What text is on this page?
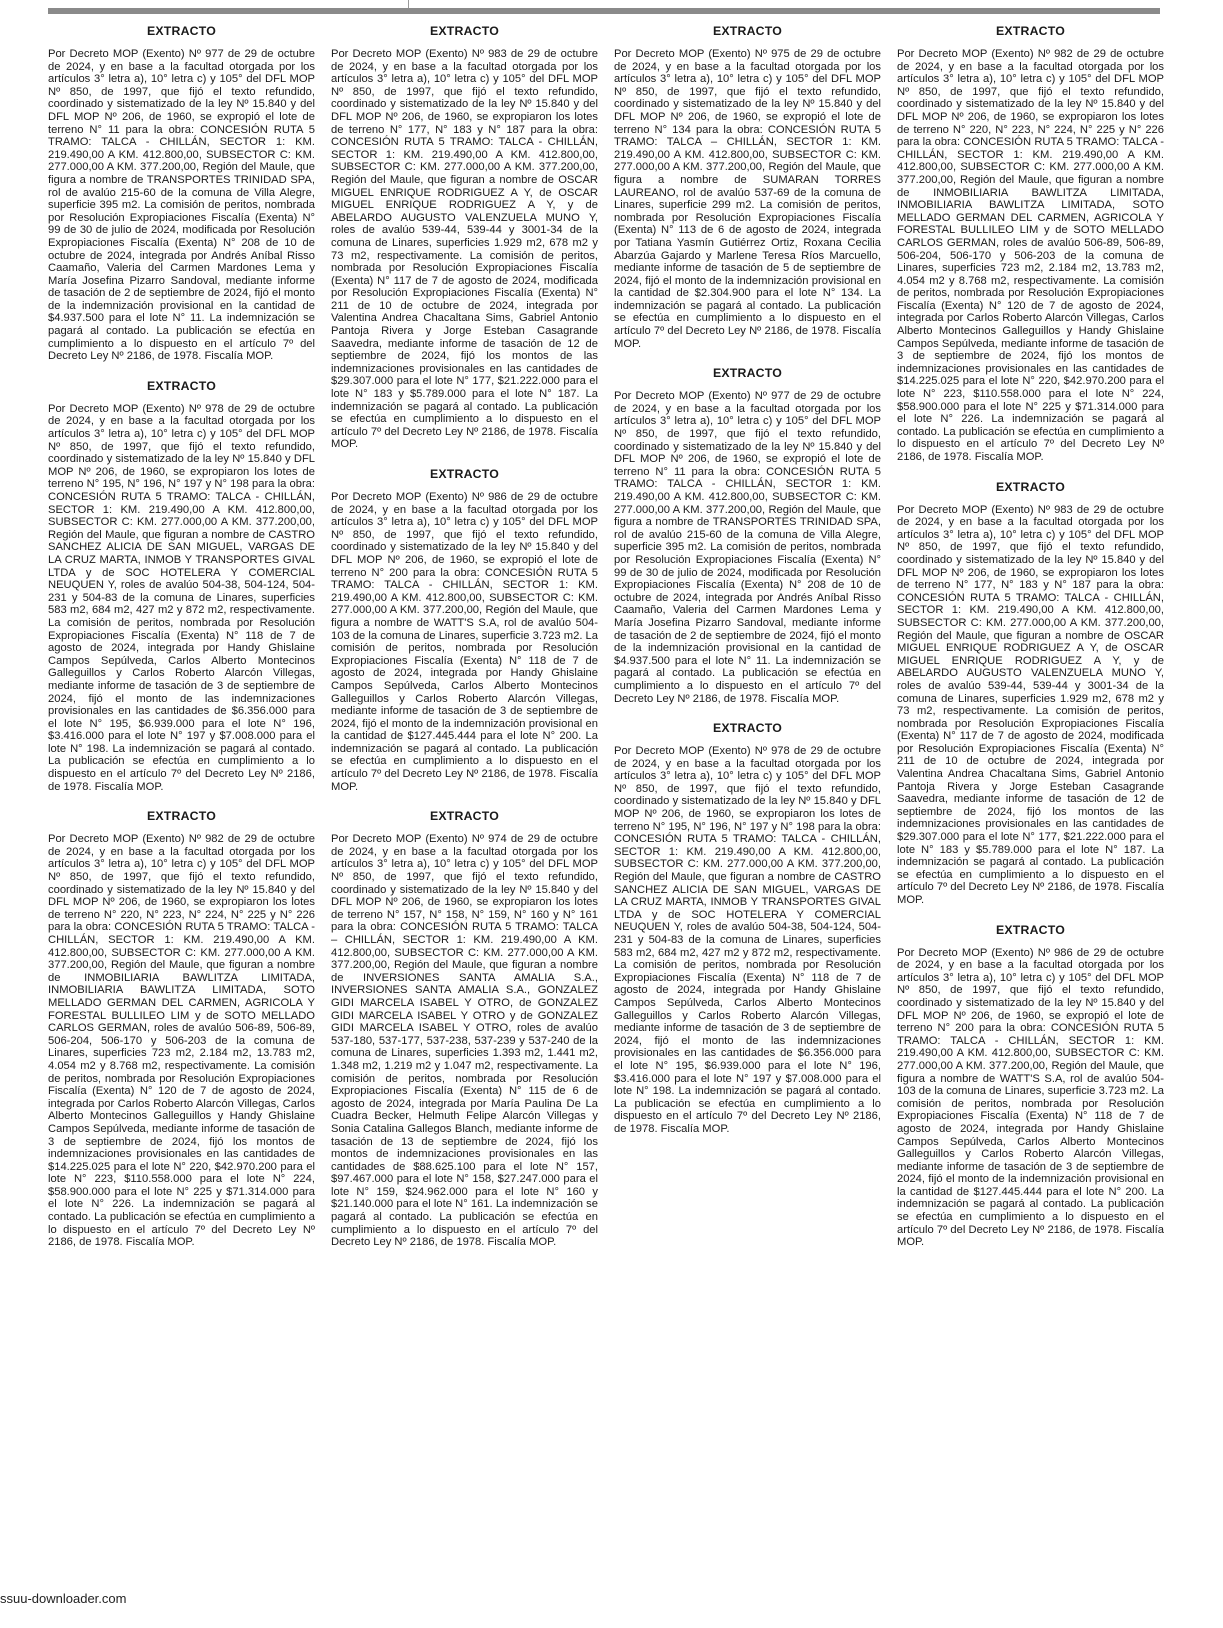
EXTRACTO

Por Decreto MOP (Exento) Nº 977 de 29 de octubre de 2024, y en base a la facultad otorgada por los artículos 3° letra a), 10° letra c) y 105° del DFL MOP Nº 850, de 1997, que fijó el texto refundido, coordinado y sistematizado de la ley Nº 15.840 y del DFL MOP Nº 206, de 1960, se expropió el lote de terreno N° 11 para la obra: CONCESIÓN RUTA 5 TRAMO: TALCA - CHILLÁN, SECTOR 1: KM. 219.490,00 A KM. 412.800,00, SUBSECTOR C: KM. 277.000,00 A KM. 377.200,00, Región del Maule, que figura a nombre de TRANSPORTES TRINIDAD SPA, rol de avalúo 215-60 de la comuna de Villa Alegre, superficie 395 m2. La comisión de peritos, nombrada por Resolución Expropiaciones Fiscalía (Exenta) N° 99 de 30 de julio de 2024, modificada por Resolución Expropiaciones Fiscalía (Exenta) N° 208 de 10 de octubre de 2024, integrada por Andrés Aníbal Risso Caamaño, Valeria del Carmen Mardones Lema y María Josefina Pizarro Sandoval, mediante informe de tasación de 2 de septiembre de 2024, fijó el monto de la indemnización provisional en la cantidad de $4.937.500 para el lote N° 11. La indemnización se pagará al contado. La publicación se efectúa en cumplimiento a lo dispuesto en el artículo 7º del Decreto Ley Nº 2186, de 1978. Fiscalía MOP.

EXTRACTO

Por Decreto MOP (Exento) Nº 978 de 29 de octubre de 2024, y en base a la facultad otorgada por los artículos 3° letra a), 10° letra c) y 105° del DFL MOP Nº 850, de 1997, que fijó el texto refundido, coordinado y sistematizado de la ley Nº 15.840 y DFL MOP Nº 206, de 1960, se expropiaron los lotes de terreno N° 195, N° 196, N° 197 y N° 198 para la obra: CONCESIÓN RUTA 5 TRAMO: TALCA - CHILLÁN, SECTOR 1: KM. 219.490,00 A KM. 412.800,00, SUBSECTOR C: KM. 277.000,00 A KM. 377.200,00, Región del Maule, que figuran a nombre de CASTRO SANCHEZ ALICIA DE SAN MIGUEL, VARGAS DE LA CRUZ MARTA, INMOB Y TRANSPORTES GIVAL LTDA y de SOC HOTELERA Y COMERCIAL NEUQUEN Y, roles de avalúo 504-38, 504-124, 504-231 y 504-83 de la comuna de Linares, superficies 583 m2, 684 m2, 427 m2 y 872 m2, respectivamente. La comisión de peritos, nombrada por Resolución Expropiaciones Fiscalía (Exenta) N° 118 de 7 de agosto de 2024, integrada por Handy Ghislaine Campos Sepúlveda, Carlos Alberto Montecinos Galleguillos y Carlos Roberto Alarcón Villegas, mediante informe de tasación de 3 de septiembre de 2024, fijó el monto de las indemnizaciones provisionales en las cantidades de $6.356.000 para el lote N° 195, $6.939.000 para el lote N° 196, $3.416.000 para el lote N° 197 y $7.008.000 para el lote N° 198. La indemnización se pagará al contado. La publicación se efectúa en cumplimiento a lo dispuesto en el artículo 7º del Decreto Ley Nº 2186, de 1978. Fiscalía MOP.

EXTRACTO

Por Decreto MOP (Exento) Nº 982 de 29 de octubre de 2024, y en base a la facultad otorgada por los artículos 3° letra a), 10° letra c) y 105° del DFL MOP Nº 850, de 1997, que fijó el texto refundido, coordinado y sistematizado de la ley Nº 15.840 y del DFL MOP Nº 206, de 1960, se expropiaron los lotes de terreno N° 220, N° 223, N° 224, N° 225 y N° 226 para la obra: CONCESIÓN RUTA 5 TRAMO: TALCA - CHILLÁN, SECTOR 1: KM. 219.490,00 A KM. 412.800,00, SUBSECTOR C: KM. 277.000,00 A KM. 377.200,00, Región del Maule, que figuran a nombre de INMOBILIARIA BAWLITZA LIMITADA, INMOBILIARIA BAWLITZA LIMITADA, SOTO MELLADO GERMAN DEL CARMEN, AGRICOLA Y FORESTAL BULLILEO LIM y de SOTO MELLADO CARLOS GERMAN, roles de avalúo 506-89, 506-89, 506-204, 506-170 y 506-203 de la comuna de Linares, superficies 723 m2, 2.184 m2, 13.783 m2, 4.054 m2 y 8.768 m2, respectivamente. La comisión de peritos, nombrada por Resolución Expropiaciones Fiscalía (Exenta) N° 120 de 7 de agosto de 2024, integrada por Carlos Roberto Alarcón Villegas, Carlos Alberto Montecinos Galleguillos y Handy Ghislaine Campos Sepúlveda, mediante informe de tasación de 3 de septiembre de 2024, fijó los montos de indemnizaciones provisionales en las cantidades de $14.225.025 para el lote N° 220, $42.970.200 para el lote N° 223, $110.558.000 para el lote N° 224, $58.900.000 para el lote N° 225 y $71.314.000 para el lote N° 226. La indemnización se pagará al contado. La publicación se efectúa en cumplimiento a lo dispuesto en el artículo 7º del Decreto Ley Nº 2186, de 1978. Fiscalía MOP.

EXTRACTO

Por Decreto MOP (Exento) Nº 983 de 29 de octubre de 2024, y en base a la facultad otorgada por los artículos 3° letra a), 10° letra c) y 105° del DFL MOP Nº 850, de 1997, que fijó el texto refundido, coordinado y sistematizado de la ley Nº 15.840 y del DFL MOP Nº 206, de 1960, se expropiaron los lotes de terreno N° 177, N° 183 y N° 187 para la obra: CONCESIÓN RUTA 5 TRAMO: TALCA - CHILLÁN, SECTOR 1: KM. 219.490,00 A KM. 412.800,00, SUBSECTOR C: KM. 277.000,00 A KM. 377.200,00, Región del Maule, que figuran a nombre de OSCAR MIGUEL ENRIQUE RODRIGUEZ A Y, de OSCAR MIGUEL ENRIQUE RODRIGUEZ A Y, y de ABELARDO AUGUSTO VALENZUELA MUNO Y, roles de avalúo 539-44, 539-44 y 3001-34 de la comuna de Linares, superficies 1.929 m2, 678 m2 y 73 m2, respectivamente. La comisión de peritos, nombrada por Resolución Expropiaciones Fiscalía (Exenta) N° 117 de 7 de agosto de 2024, modificada por Resolución Expropiaciones Fiscalía (Exenta) N° 211 de 10 de octubre de 2024, integrada por Valentina Andrea Chacaltana Sims, Gabriel Antonio Pantoja Rivera y Jorge Esteban Casagrande Saavedra, mediante informe de tasación de 12 de septiembre de 2024, fijó los montos de las indemnizaciones provisionales en las cantidades de $29.307.000 para el lote N° 177, $21.222.000 para el lote N° 183 y $5.789.000 para el lote N° 187. La indemnización se pagará al contado. La publicación se efectúa en cumplimiento a lo dispuesto en el artículo 7º del Decreto Ley Nº 2186, de 1978. Fiscalía MOP.

EXTRACTO

Por Decreto MOP (Exento) Nº 986 de 29 de octubre de 2024, y en base a la facultad otorgada por los artículos 3° letra a), 10° letra c) y 105° del DFL MOP Nº 850, de 1997, que fijó el texto refundido, coordinado y sistematizado de la ley Nº 15.840 y del DFL MOP Nº 206, de 1960, se expropió el lote de terreno N° 200 para la obra: CONCESIÓN RUTA 5 TRAMO: TALCA - CHILLÁN, SECTOR 1: KM. 219.490,00 A KM. 412.800,00, SUBSECTOR C: KM. 277.000,00 A KM. 377.200,00, Región del Maule, que figura a nombre de WATT'S S.A, rol de avalúo 504-103 de la comuna de Linares, superficie 3.723 m2. La comisión de peritos, nombrada por Resolución Expropiaciones Fiscalía (Exenta) N° 118 de 7 de agosto de 2024, integrada por Handy Ghislaine Campos Sepúlveda, Carlos Alberto Montecinos Galleguillos y Carlos Roberto Alarcón Villegas, mediante informe de tasación de 3 de septiembre de 2024, fijó el monto de la indemnización provisional en la cantidad de $127.445.444 para el lote N° 200. La indemnización se pagará al contado. La publicación se efectúa en cumplimiento a lo dispuesto en el artículo 7º del Decreto Ley Nº 2186, de 1978. Fiscalía MOP.

EXTRACTO

Por Decreto MOP (Exento) Nº 974 de 29 de octubre de 2024, y en base a la facultad otorgada por los artículos 3° letra a), 10° letra c) y 105° del DFL MOP Nº 850, de 1997, que fijó el texto refundido, coordinado y sistematizado de la ley Nº 15.840 y del DFL MOP Nº 206, de 1960, se expropiaron los lotes de terreno N° 157, N° 158, N° 159, N° 160 y N° 161 para la obra: CONCESIÓN RUTA 5 TRAMO: TALCA – CHILLÁN, SECTOR 1: KM. 219.490,00 A KM. 412.800,00, SUBSECTOR C: KM. 277.000,00 A KM. 377.200,00, Región del Maule, que figuran a nombre de INVERSIONES SANTA AMALIA S.A., INVERSIONES SANTA AMALIA S.A., GONZALEZ GIDI MARCELA ISABEL Y OTRO, de GONZALEZ GIDI MARCELA ISABEL Y OTRO y de GONZALEZ GIDI MARCELA ISABEL Y OTRO, roles de avalúo 537-180, 537-177, 537-238, 537-239 y 537-240 de la comuna de Linares, superficies 1.393 m2, 1.441 m2, 1.348 m2, 1.219 m2 y 1.047 m2, respectivamente. La comisión de peritos, nombrada por Resolución Expropiaciones Fiscalía (Exenta) N° 115 de 6 de agosto de 2024, integrada por María Paulina De La Cuadra Becker, Helmuth Felipe Alarcón Villegas y Sonia Catalina Gallegos Blanch, mediante informe de tasación de 13 de septiembre de 2024, fijó los montos de indemnizaciones provisionales en las cantidades de $88.625.100 para el lote N° 157, $97.467.000 para el lote N° 158, $27.247.000 para el lote N° 159, $24.962.000 para el lote N° 160 y $21.140.000 para el lote N° 161. La indemnización se pagará al contado. La publicación se efectúa en cumplimiento a lo dispuesto en el artículo 7º del Decreto Ley Nº 2186, de 1978. Fiscalía MOP.

EXTRACTO

Por Decreto MOP (Exento) Nº 975 de 29 de octubre de 2024, y en base a la facultad otorgada por los artículos 3° letra a), 10° letra c) y 105° del DFL MOP Nº 850, de 1997, que fijó el texto refundido, coordinado y sistematizado de la ley Nº 15.840 y del DFL MOP Nº 206, de 1960, se expropió el lote de terreno N° 134 para la obra: CONCESIÓN RUTA 5 TRAMO: TALCA – CHILLÁN, SECTOR 1: KM. 219.490,00 A KM. 412.800,00, SUBSECTOR C: KM. 277.000,00 A KM. 377.200,00, Región del Maule, que figura a nombre de SUMARAN TORRES LAUREANO, rol de avalúo 537-69 de la comuna de Linares, superficie 299 m2. La comisión de peritos, nombrada por Resolución Expropiaciones Fiscalía (Exenta) N° 113 de 6 de agosto de 2024, integrada por Tatiana Yasmín Gutiérrez Ortiz, Roxana Cecilia Abarzúa Gajardo y Marlene Teresa Ríos Marcuello, mediante informe de tasación de 5 de septiembre de 2024, fijó el monto de la indemnización provisional en la cantidad de $2.304.900 para el lote N° 134. La indemnización se pagará al contado. La publicación se efectúa en cumplimiento a lo dispuesto en el artículo 7º del Decreto Ley Nº 2186, de 1978. Fiscalía MOP.

EXTRACTO

Por Decreto MOP (Exento) Nº 977 de 29 de octubre de 2024, y en base a la facultad otorgada por los artículos 3° letra a), 10° letra c) y 105° del DFL MOP Nº 850, de 1997, que fijó el texto refundido, coordinado y sistematizado de la ley Nº 15.840 y del DFL MOP Nº 206, de 1960, se expropió el lote de terreno N° 11 para la obra: CONCESIÓN RUTA 5 TRAMO: TALCA - CHILLÁN, SECTOR 1: KM. 219.490,00 A KM. 412.800,00, SUBSECTOR C: KM. 277.000,00 A KM. 377.200,00, Región del Maule, que figura a nombre de TRANSPORTES TRINIDAD SPA, rol de avalúo 215-60 de la comuna de Villa Alegre, superficie 395 m2. La comisión de peritos, nombrada por Resolución Expropiaciones Fiscalía (Exenta) N° 99 de 30 de julio de 2024, modificada por Resolución Expropiaciones Fiscalía (Exenta) N° 208 de 10 de octubre de 2024, integrada por Andrés Aníbal Risso Caamaño, Valeria del Carmen Mardones Lema y María Josefina Pizarro Sandoval, mediante informe de tasación de 2 de septiembre de 2024, fijó el monto de la indemnización provisional en la cantidad de $4.937.500 para el lote N° 11. La indemnización se pagará al contado. La publicación se efectúa en cumplimiento a lo dispuesto en el artículo 7º del Decreto Ley Nº 2186, de 1978. Fiscalía MOP.

EXTRACTO

Por Decreto MOP (Exento) Nº 978 de 29 de octubre de 2024, y en base a la facultad otorgada por los artículos 3° letra a), 10° letra c) y 105° del DFL MOP Nº 850, de 1997, que fijó el texto refundido, coordinado y sistematizado de la ley Nº 15.840 y DFL MOP Nº 206, de 1960, se expropiaron los lotes de terreno N° 195, N° 196, N° 197 y N° 198 para la obra: CONCESIÓN RUTA 5 TRAMO: TALCA - CHILLÁN, SECTOR 1: KM. 219.490,00 A KM. 412.800,00, SUBSECTOR C: KM. 277.000,00 A KM. 377.200,00, Región del Maule, que figuran a nombre de CASTRO SANCHEZ ALICIA DE SAN MIGUEL, VARGAS DE LA CRUZ MARTA, INMOB Y TRANSPORTES GIVAL LTDA y de SOC HOTELERA Y COMERCIAL NEUQUEN Y, roles de avalúo 504-38, 504-124, 504-231 y 504-83 de la comuna de Linares, superficies 583 m2, 684 m2, 427 m2 y 872 m2, respectivamente. La comisión de peritos, nombrada por Resolución Expropiaciones Fiscalía (Exenta) N° 118 de 7 de agosto de 2024, integrada por Handy Ghislaine Campos Sepúlveda, Carlos Alberto Montecinos Galleguillos y Carlos Roberto Alarcón Villegas, mediante informe de tasación de 3 de septiembre de 2024, fijó el monto de las indemnizaciones provisionales en las cantidades de $6.356.000 para el lote N° 195, $6.939.000 para el lote N° 196, $3.416.000 para el lote N° 197 y $7.008.000 para el lote N° 198. La indemnización se pagará al contado. La publicación se efectúa en cumplimiento a lo dispuesto en el artículo 7º del Decreto Ley Nº 2186, de 1978. Fiscalía MOP.

EXTRACTO

Por Decreto MOP (Exento) Nº 982 de 29 de octubre de 2024, y en base a la facultad otorgada por los artículos 3° letra a), 10° letra c) y 105° del DFL MOP Nº 850, de 1997, que fijó el texto refundido, coordinado y sistematizado de la ley Nº 15.840 y del DFL MOP Nº 206, de 1960, se expropiaron los lotes de terreno N° 220, N° 223, N° 224, N° 225 y N° 226 para la obra: CONCESIÓN RUTA 5 TRAMO: TALCA - CHILLÁN, SECTOR 1: KM. 219.490,00 A KM. 412.800,00, SUBSECTOR C: KM. 277.000,00 A KM. 377.200,00, Región del Maule, que figuran a nombre de INMOBILIARIA BAWLITZA LIMITADA, INMOBILIARIA BAWLITZA LIMITADA, SOTO MELLADO GERMAN DEL CARMEN, AGRICOLA Y FORESTAL BULLILEO LIM y de SOTO MELLADO CARLOS GERMAN, roles de avalúo 506-89, 506-89, 506-204, 506-170 y 506-203 de la comuna de Linares, superficies 723 m2, 2.184 m2, 13.783 m2, 4.054 m2 y 8.768 m2, respectivamente. La comisión de peritos, nombrada por Resolución Expropiaciones Fiscalía (Exenta) N° 120 de 7 de agosto de 2024, integrada por Carlos Roberto Alarcón Villegas, Carlos Alberto Montecinos Galleguillos y Handy Ghislaine Campos Sepúlveda, mediante informe de tasación de 3 de septiembre de 2024, fijó los montos de indemnizaciones provisionales en las cantidades de $14.225.025 para el lote N° 220, $42.970.200 para el lote N° 223, $110.558.000 para el lote N° 224, $58.900.000 para el lote N° 225 y $71.314.000 para el lote N° 226. La indemnización se pagará al contado. La publicación se efectúa en cumplimiento a lo dispuesto en el artículo 7º del Decreto Ley Nº 2186, de 1978. Fiscalía MOP.

EXTRACTO

Por Decreto MOP (Exento) Nº 983 de 29 de octubre de 2024, y en base a la facultad otorgada por los artículos 3° letra a), 10° letra c) y 105° del DFL MOP Nº 850, de 1997, que fijó el texto refundido, coordinado y sistematizado de la ley Nº 15.840 y del DFL MOP Nº 206, de 1960, se expropiaron los lotes de terreno N° 177, N° 183 y N° 187 para la obra: CONCESIÓN RUTA 5 TRAMO: TALCA - CHILLÁN, SECTOR 1: KM. 219.490,00 A KM. 412.800,00, SUBSECTOR C: KM. 277.000,00 A KM. 377.200,00, Región del Maule, que figuran a nombre de OSCAR MIGUEL ENRIQUE RODRIGUEZ A Y, de OSCAR MIGUEL ENRIQUE RODRIGUEZ A Y, y de ABELARDO AUGUSTO VALENZUELA MUNO Y, roles de avalúo 539-44, 539-44 y 3001-34 de la comuna de Linares, superficies 1.929 m2, 678 m2 y 73 m2, respectivamente. La comisión de peritos, nombrada por Resolución Expropiaciones Fiscalía (Exenta) N° 117 de 7 de agosto de 2024, modificada por Resolución Expropiaciones Fiscalía (Exenta) N° 211 de 10 de octubre de 2024, integrada por Valentina Andrea Chacaltana Sims, Gabriel Antonio Pantoja Rivera y Jorge Esteban Casagrande Saavedra, mediante informe de tasación de 12 de septiembre de 2024, fijó los montos de las indemnizaciones provisionales en las cantidades de $29.307.000 para el lote N° 177, $21.222.000 para el lote N° 183 y $5.789.000 para el lote N° 187. La indemnización se pagará al contado. La publicación se efectúa en cumplimiento a lo dispuesto en el artículo 7º del Decreto Ley Nº 2186, de 1978. Fiscalía MOP.

EXTRACTO

Por Decreto MOP (Exento) Nº 986 de 29 de octubre de 2024, y en base a la facultad otorgada por los artículos 3° letra a), 10° letra c) y 105° del DFL MOP Nº 850, de 1997, que fijó el texto refundido, coordinado y sistematizado de la ley Nº 15.840 y del DFL MOP Nº 206, de 1960, se expropió el lote de terreno N° 200 para la obra: CONCESIÓN RUTA 5 TRAMO: TALCA - CHILLÁN, SECTOR 1: KM. 219.490,00 A KM. 412.800,00, SUBSECTOR C: KM. 277.000,00 A KM. 377.200,00, Región del Maule, que figura a nombre de WATT'S S.A, rol de avalúo 504-103 de la comuna de Linares, superficie 3.723 m2. La comisión de peritos, nombrada por Resolución Expropiaciones Fiscalía (Exenta) N° 118 de 7 de agosto de 2024, integrada por Handy Ghislaine Campos Sepúlveda, Carlos Alberto Montecinos Galleguillos y Carlos Roberto Alarcón Villegas, mediante informe de tasación de 3 de septiembre de 2024, fijó el monto de la indemnización provisional en la cantidad de $127.445.444 para el lote N° 200. La indemnización se pagará al contado. La publicación se efectúa en cumplimiento a lo dispuesto en el artículo 7º del Decreto Ley Nº 2186, de 1978. Fiscalía MOP.

ssuu-downloader.com
